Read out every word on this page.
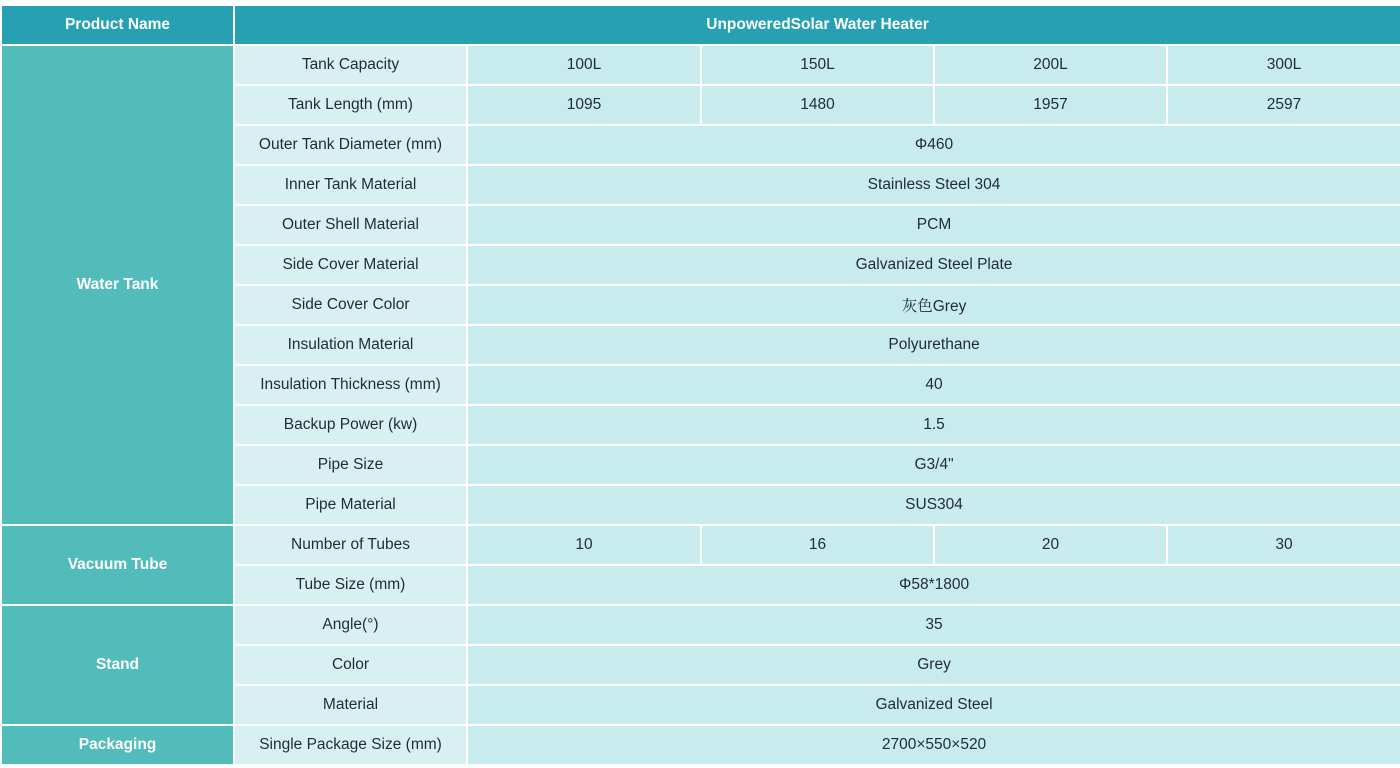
Product Name	UnpoweredSolar Water Heater				
Water Tank	Tank Capacity	100L	150L	200L	300L
	Tank Length (mm)	1095	1480	1957	2597
	Outer Tank Diameter (mm)	Φ460			
	Inner Tank Material	Stainless Steel 304			
	Outer Shell Material	PCM			
	Side Cover Material	Galvanized Steel Plate			
	Side Cover Color	灰色Grey			
	Insulation Material	Polyurethane			
	Insulation Thickness (mm)	40			
	Backup Power (kw)	1.5			
	Pipe Size	G3/4"			
	Pipe Material	SUS304			
Vacuum Tube	Number of Tubes	10	16	20	30
	Tube Size (mm)	Φ58*1800			
Stand	Angle(°)	35			
	Color	Grey			
	Material	Galvanized Steel			
Packaging	Single Package Size (mm)	2700×550×520			
